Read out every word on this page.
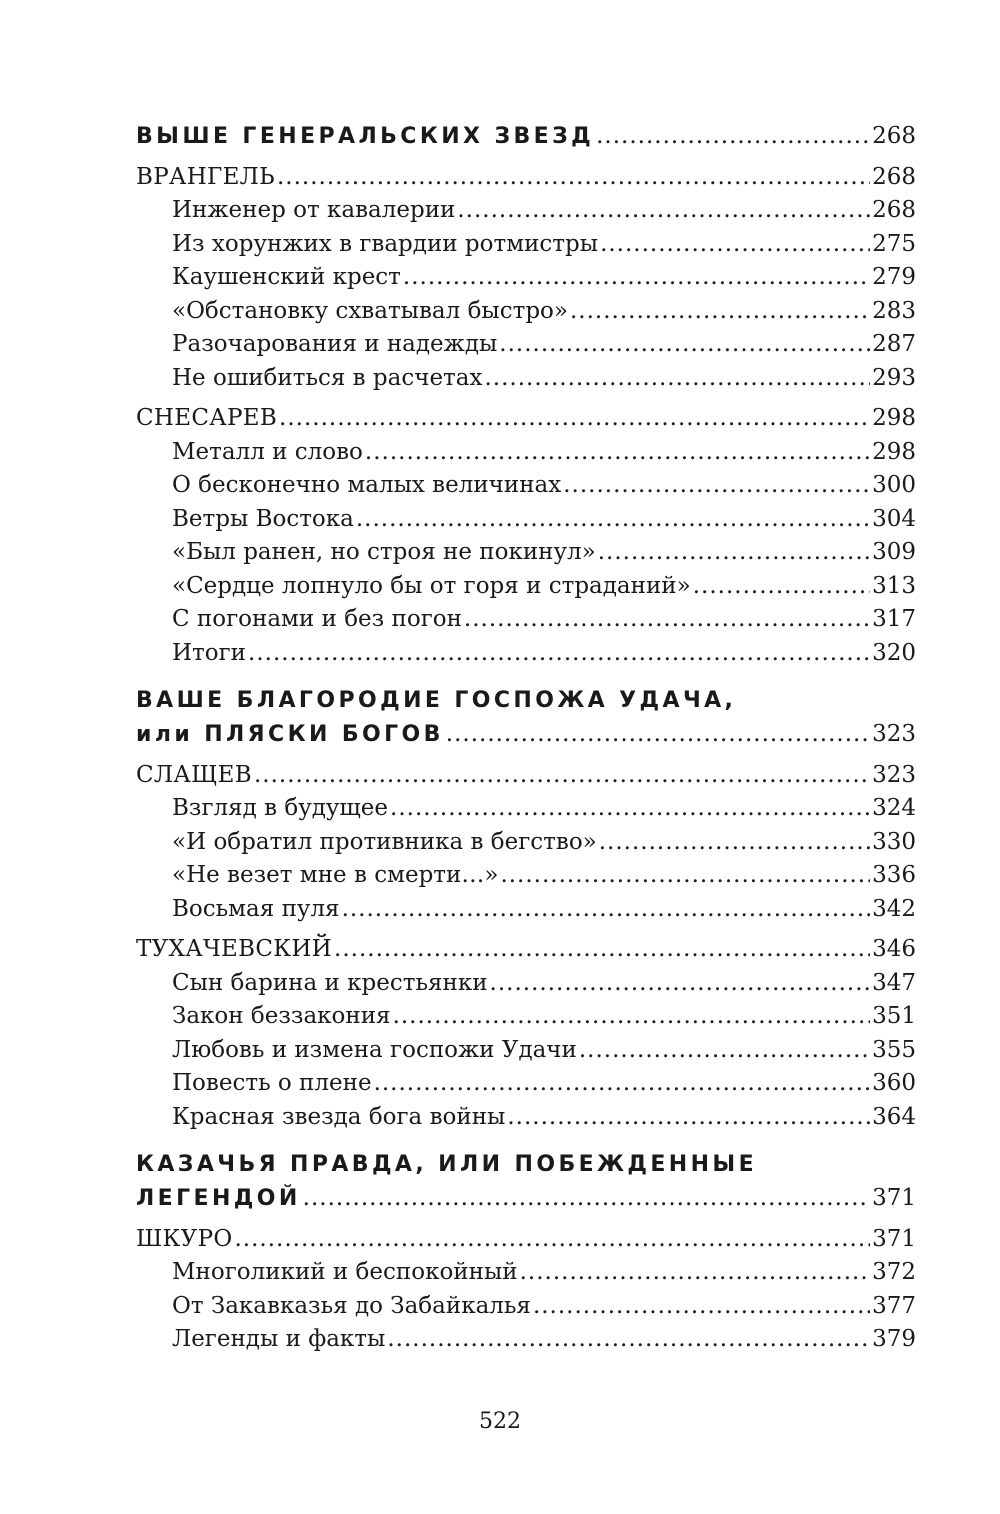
ВЫШЕ ГЕНЕРАЛЬСКИХ ЗВЕЗД .....	268
ВРАНГЕЛЬ .....	268
Инженер от кавалерии .....	268
Из хорунжих в гвардии ротмистры .....	275
Каушенский крест .....	279
«Обстановку схватывал быстро» .....	283
Разочарования и надежды .....	287
Не ошибиться в расчетах .....	293
СНЕСАРЕВ .....	298
Металл и слово .....	298
О бесконечно малых величинах .....	300
Ветры Востока .....	304
«Был ранен, но строя не покинул» .....	309
«Сердце лопнуло бы от горя и страданий» .....	313
С погонами и без погон .....	317
Итоги .....	320
ВАШЕ БЛАГОРОДИЕ ГОСПОЖА УДАЧА,
или ПЛЯСКИ БОГОВ .....	323
СЛАЩЕВ .....	323
Взгляд в будущее .....	324
«И обратил противника в бегство» .....	330
«Не везет мне в смерти…» .....	336
Восьмая пуля .....	342
ТУХАЧЕВСКИЙ .....	346
Сын барина и крестьянки .....	347
Закон беззакония .....	351
Любовь и измена госпожи Удачи .....	355
Повесть о плене .....	360
Красная звезда бога войны .....	364
КАЗАЧЬЯ ПРАВДА, ИЛИ ПОБЕЖДЕННЫЕ
ЛЕГЕНДОЙ .....	371
ШКУРО .....	371
Многоликий и беспокойный .....	372
От Закавказья до Забайкалья .....	377
Легенды и факты .....	379
522
